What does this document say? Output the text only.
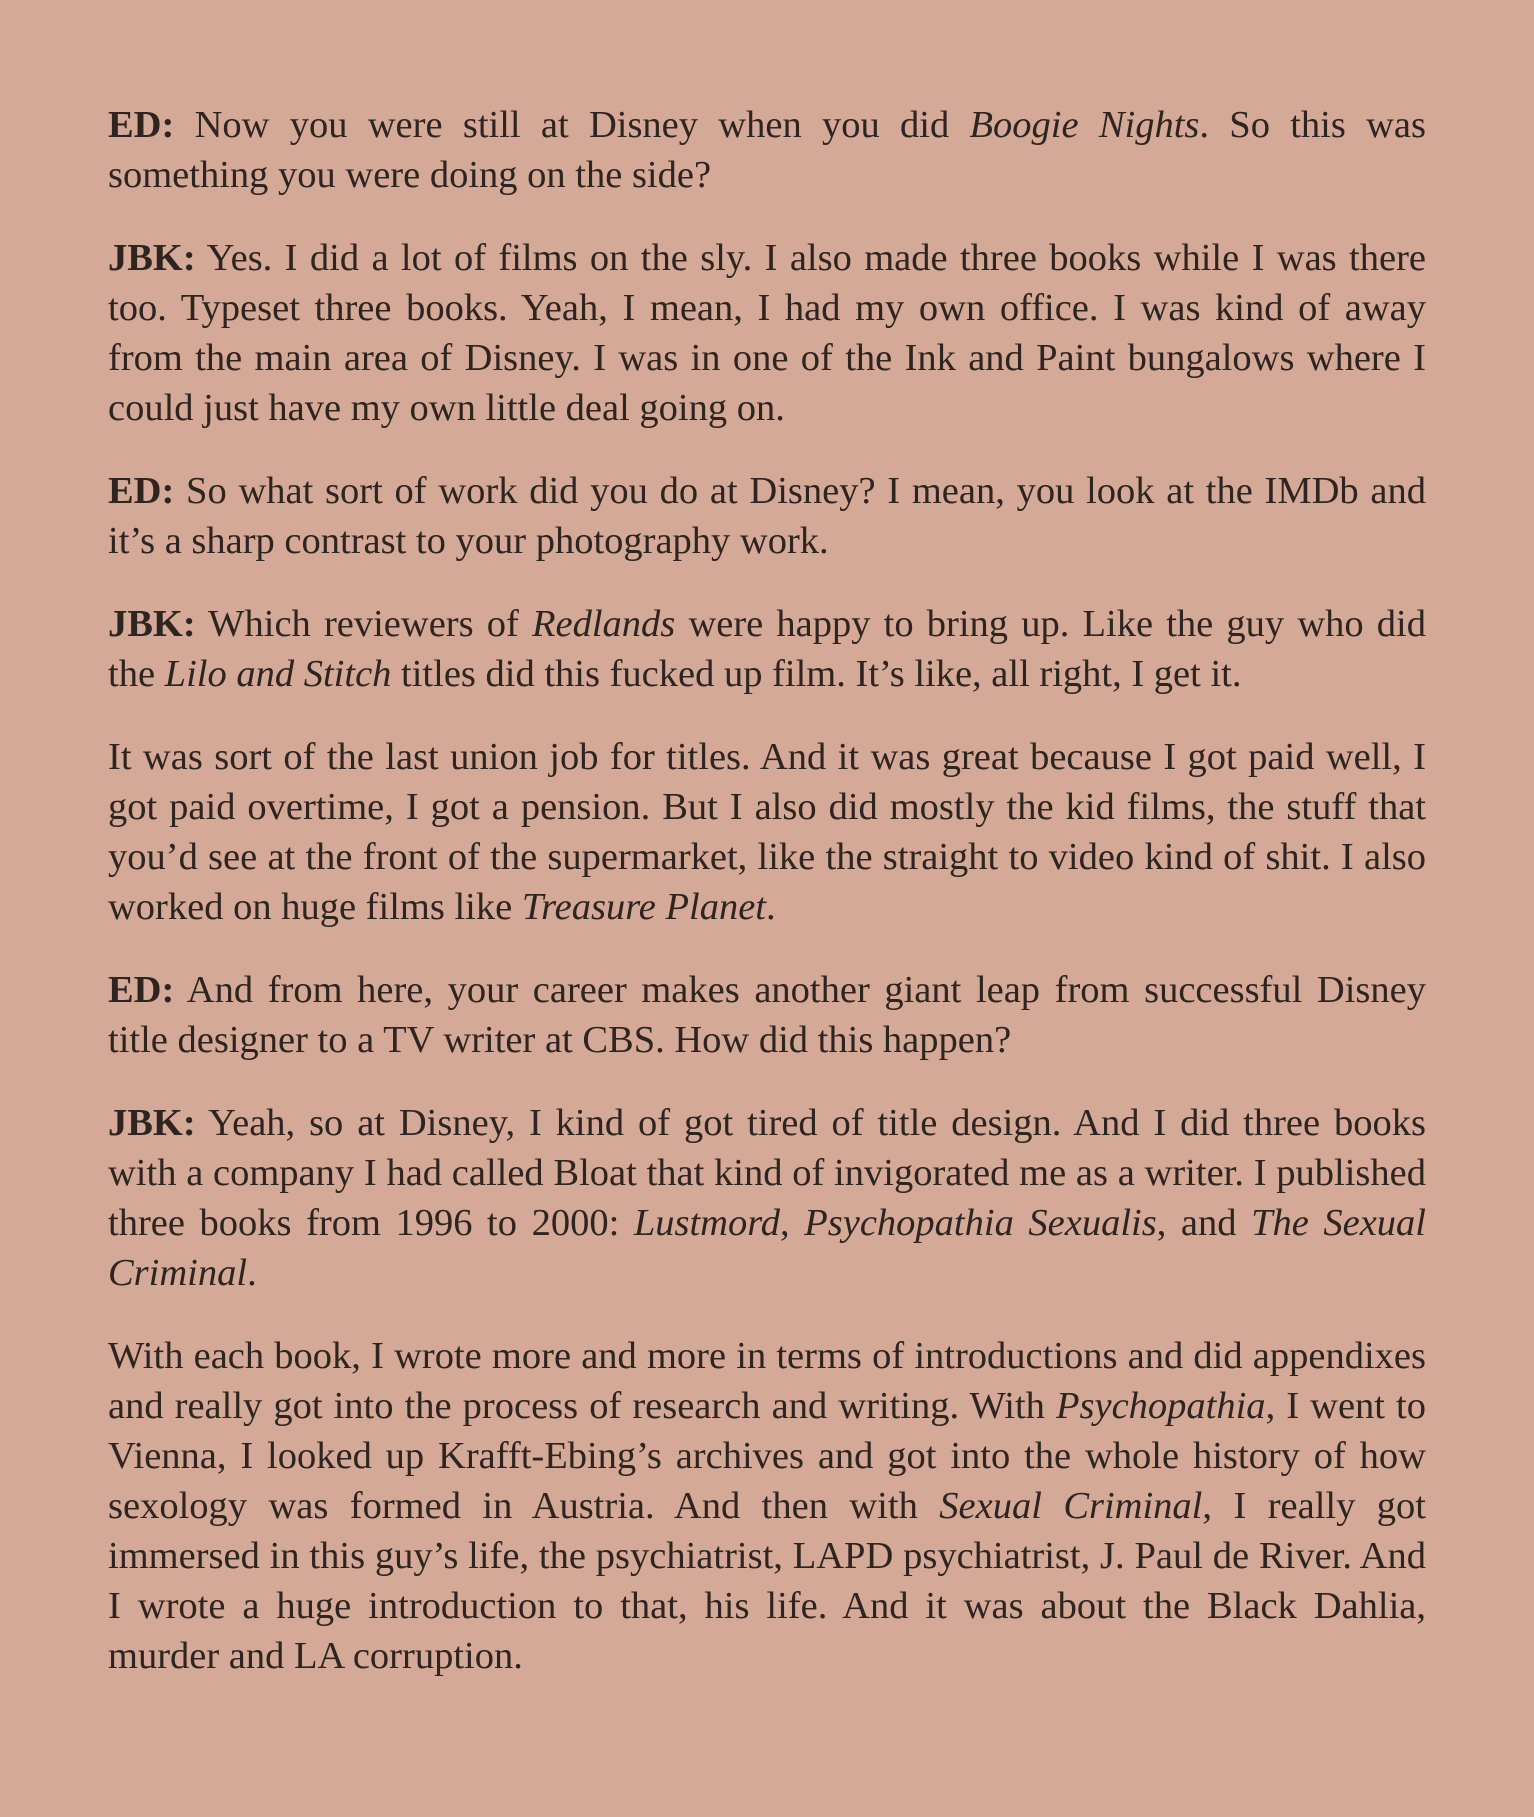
ED: Now you were still at Disney when you did Boogie Nights. So this was something you were doing on the side?

JBK: Yes. I did a lot of films on the sly. I also made three books while I was there too. Typeset three books. Yeah, I mean, I had my own office. I was kind of away from the main area of Disney. I was in one of the Ink and Paint bungalows where I could just have my own little deal going on.

ED: So what sort of work did you do at Disney? I mean, you look at the IMDb and it’s a sharp contrast to your photography work.

JBK: Which reviewers of Redlands were happy to bring up. Like the guy who did the Lilo and Stitch titles did this fucked up film. It’s like, all right, I get it.

It was sort of the last union job for titles. And it was great because I got paid well, I got paid overtime, I got a pension. But I also did mostly the kid films, the stuff that you’d see at the front of the supermarket, like the straight to video kind of shit. I also worked on huge films like Treasure Planet.

ED: And from here, your career makes another giant leap from successful Disney title designer to a TV writer at CBS. How did this happen?

JBK: Yeah, so at Disney, I kind of got tired of title design. And I did three books with a company I had called Bloat that kind of invigorated me as a writer. I published three books from 1996 to 2000: Lustmord, Psychopathia Sexualis, and The Sexual Criminal.

With each book, I wrote more and more in terms of introductions and did appendixes and really got into the process of research and writing. With Psychopathia, I went to Vienna, I looked up Krafft-Ebing’s archives and got into the whole history of how sexology was formed in Austria. And then with Sexual Criminal, I really got immersed in this guy’s life, the psychiatrist, LAPD psychiatrist, J. Paul de River. And I wrote a huge introduction to that, his life. And it was about the Black Dahlia, murder and LA corruption.
